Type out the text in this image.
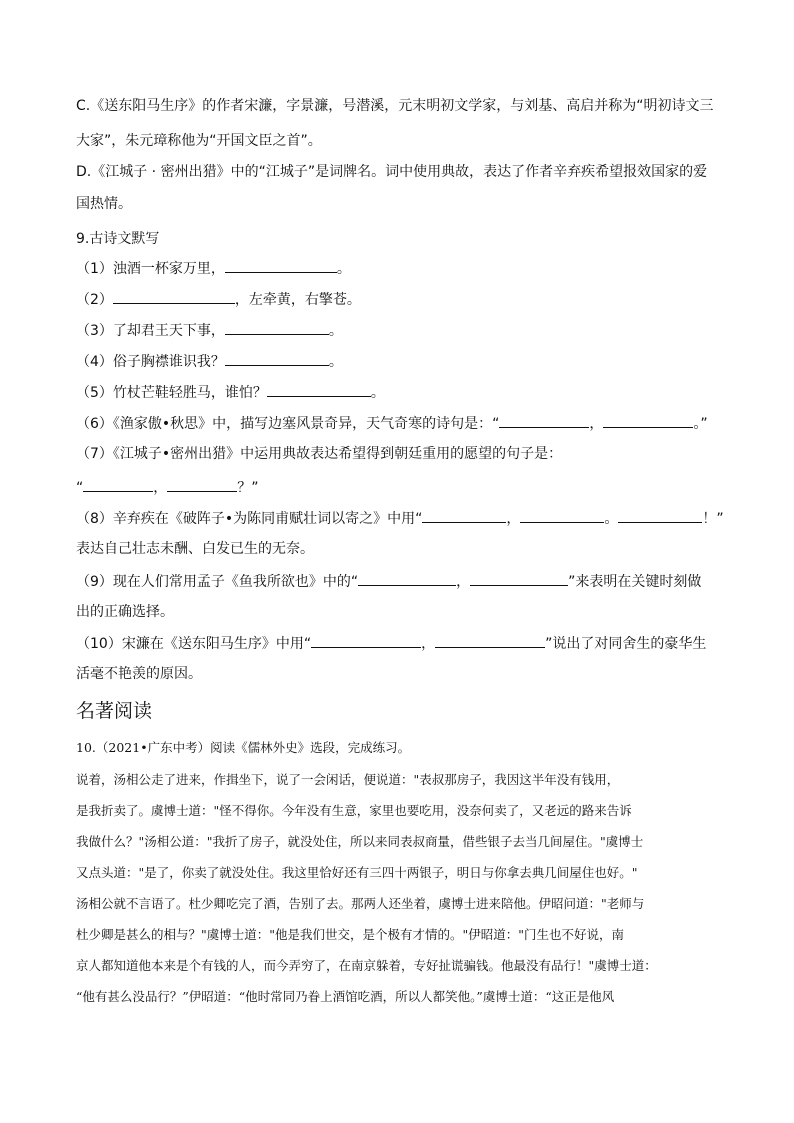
C.《送东阳马生序》的作者宋濂，字景濂，号潜溪，元末明初文学家，与刘基、高启并称为“明初诗文三
大家”，朱元璋称他为“开国文臣之首”。
D.《江城子 · 密州出猎》中的“江城子”是词牌名。词中使用典故，表达了作者辛弃疾希望报效国家的爱
国热情。
9.古诗文默写
（1）浊酒一杯家万里，	。
（2）	，左牵黄，右擎苍。
（3）了却君王天下事，	。
（4）俗子胸襟谁识我？	。
（5）竹杖芒鞋轻胜马，谁怕？	。
（6）《渔家傲•秋思》中，描写边塞风景奇异，天气奇寒的诗句是：“	，	。”
（7）《江城子•密州出猎》中运用典故表达希望得到朝廷重用的愿望的句子是：
“	，	？”
（8）辛弃疾在《破阵子•为陈同甫赋壮词以寄之》中用“	，	。	！”
表达自己壮志未酬、白发已生的无奈。
（9）现在人们常用孟子《鱼我所欲也》中的“	，	”来表明在关键时刻做
出的正确选择。
（10）宋濂在《送东阳马生序》中用“	，	”说出了对同舍生的豪华生
活毫不艳羡的原因。
名著阅读
10.（2021•广东中考）阅读《儒林外史》选段，完成练习。
说着，汤相公走了进来，作揖坐下，说了一会闲话，便说道："表叔那房子，我因这半年没有钱用，
是我折卖了。虞博士道："怪不得你。今年没有生意，家里也要吃用，没奈何卖了，又老远的路来告诉
我做什么？"汤相公道："我折了房子，就没处住，所以来同表叔商量，借些银子去当几间屋住。"虞博士
又点头道："是了，你卖了就没处住。我这里恰好还有三四十两银子，明日与你拿去典几间屋住也好。"
汤相公就不言语了。杜少卿吃完了酒，告别了去。那两人还坐着，虞博士进来陪他。伊昭问道："老师与
杜少卿是甚么的相与？"虞博士道："他是我们世交，是个极有才情的。"伊昭道："门生也不好说，南
京人都知道他本来是个有钱的人，而今弄穷了，在南京躲着，专好扯谎骗钱。他最没有品行！"虞博士道：
“他有甚么没品行？”伊昭道：“他时常同乃眷上酒馆吃酒，所以人都笑他。”虞博士道：“这正是他风
